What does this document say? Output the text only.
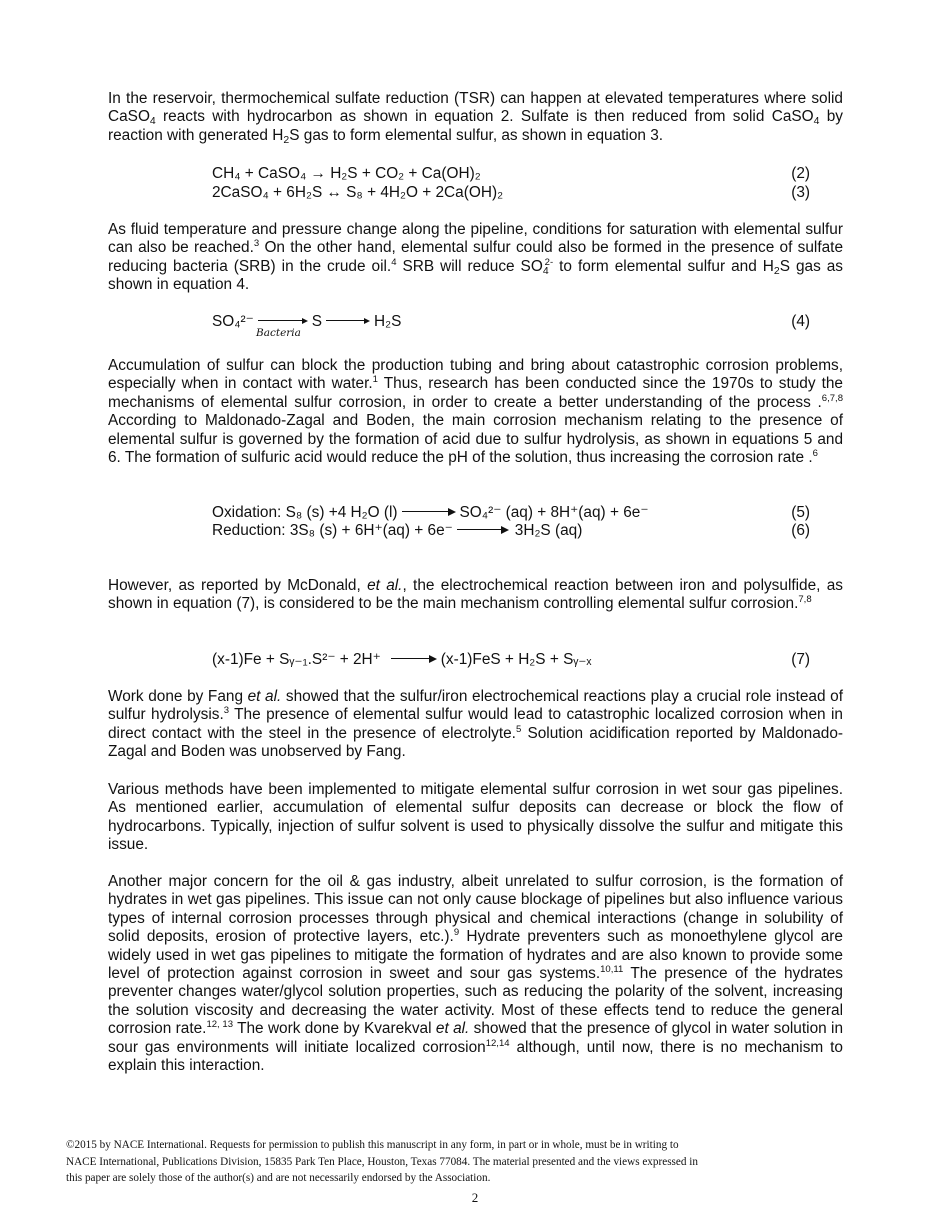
In the reservoir, thermochemical sulfate reduction (TSR) can happen at elevated temperatures where solid CaSO$_4$ reacts with hydrocarbon as shown in equation 2. Sulfate is then reduced from solid CaSO$_4$ by reaction with generated $H_2S$ gas to form elemental sulfur, as shown in equation 3.

CH₄ + CaSO₄ → H₂S + CO₂ + Ca(OH)₂	(2)
2CaSO₄ + 6H₂S ↔ S₈ + 4H₂O + 2Ca(OH)₂	(3)

As fluid temperature and pressure change along the pipeline, conditions for saturation with elemental sulfur can also be reached.$^3$ On the other hand, elemental sulfur could also be formed in the presence of sulfate reducing bacteria (SRB) in the crude oil.$^4$ SRB will reduce $SO_4^{2-}$ to form elemental sulfur and $H_2S$ gas as shown in equation 4.

SO₄²⁻	S	H₂S	(4)
Bacteria

Accumulation of sulfur can block the production tubing and bring about catastrophic corrosion problems, especially when in contact with water.$^1$ Thus, research has been conducted since the 1970s to study the mechanisms of elemental sulfur corrosion, in order to create a better understanding of the process .$^{6,7,8}$ According to Maldonado-Zagal and Boden, the main corrosion mechanism relating to the presence of elemental sulfur is governed by the formation of acid due to sulfur hydrolysis, as shown in equations 5 and 6. The formation of sulfuric acid would reduce the pH of the solution, thus increasing the corrosion rate .$^6$

Oxidation: S₈ (s) +4 H₂O (l)	SO₄²⁻ (aq) + 8H⁺(aq) + 6e⁻	(5)
Reduction: 3S₈ (s) + 6H⁺(aq) + 6e⁻	3H₂S (aq)	(6)

However, as reported by McDonald, et al., the electrochemical reaction between iron and polysulfide, as shown in equation (7), is considered to be the main mechanism controlling elemental sulfur corrosion.$^{7,8}$

(x-1)Fe + Sᵧ₋₁.S²⁻ + 2H⁺	(x-1)FeS + H₂S + Sᵧ₋ₓ	(7)

Work done by Fang et al. showed that the sulfur/iron electrochemical reactions play a crucial role instead of sulfur hydrolysis.$^3$ The presence of elemental sulfur would lead to catastrophic localized corrosion when in direct contact with the steel in the presence of electrolyte.$^5$ Solution acidification reported by Maldonado-Zagal and Boden was unobserved by Fang.

Various methods have been implemented to mitigate elemental sulfur corrosion in wet sour gas pipelines. As mentioned earlier, accumulation of elemental sulfur deposits can decrease or block the flow of hydrocarbons. Typically, injection of sulfur solvent is used to physically dissolve the sulfur and mitigate this issue.

Another major concern for the oil & gas industry, albeit unrelated to sulfur corrosion, is the formation of hydrates in wet gas pipelines. This issue can not only cause blockage of pipelines but also influence various types of internal corrosion processes through physical and chemical interactions (change in solubility of solid deposits, erosion of protective layers, etc.).$^9$ Hydrate preventers such as monoethylene glycol are widely used in wet gas pipelines to mitigate the formation of hydrates and are also known to provide some level of protection against corrosion in sweet and sour gas systems.$^{10,11}$ The presence of the hydrates preventer changes water/glycol solution properties, such as reducing the polarity of the solvent, increasing the solution viscosity and decreasing the water activity. Most of these effects tend to reduce the general corrosion rate.$^{12, 13}$ The work done by Kvarekval et al. showed that the presence of glycol in water solution in sour gas environments will initiate localized corrosion$^{12,14}$ although, until now, there is no mechanism to explain this interaction.

©2015 by NACE International. Requests for permission to publish this manuscript in any form, in part or in whole, must be in writing to
NACE International, Publications Division, 15835 Park Ten Place, Houston, Texas 77084. The material presented and the views expressed in
this paper are solely those of the author(s) and are not necessarily endorsed by the Association.
2
